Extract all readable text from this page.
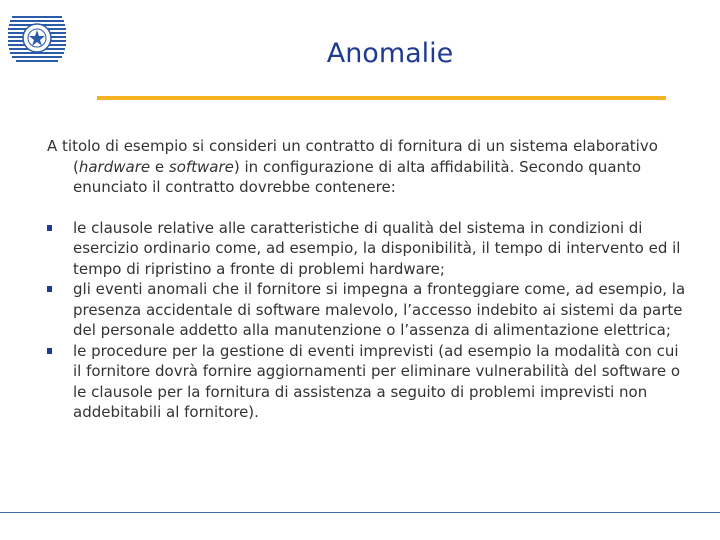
Anomalie

A titolo di esempio si consideri un contratto di fornitura di un sistema elaborativo (hardware e software) in configurazione di alta affidabilità. Secondo quanto enunciato il contratto dovrebbe contenere:

le clausole relative alle caratteristiche di qualità del sistema in condizioni di esercizio ordinario come, ad esempio, la disponibilità, il tempo di intervento ed il tempo di ripristino a fronte di problemi hardware;
gli eventi anomali che il fornitore si impegna a fronteggiare come, ad esempio, la presenza accidentale di software malevolo, l’accesso indebito ai sistemi da parte del personale addetto alla manutenzione o l’assenza di alimentazione elettrica;
le procedure per la gestione di eventi imprevisti (ad esempio la modalità con cui il fornitore dovrà fornire aggiornamenti per eliminare vulnerabilità del software o le clausole per la fornitura di assistenza a seguito di problemi imprevisti non addebitabili al fornitore).
